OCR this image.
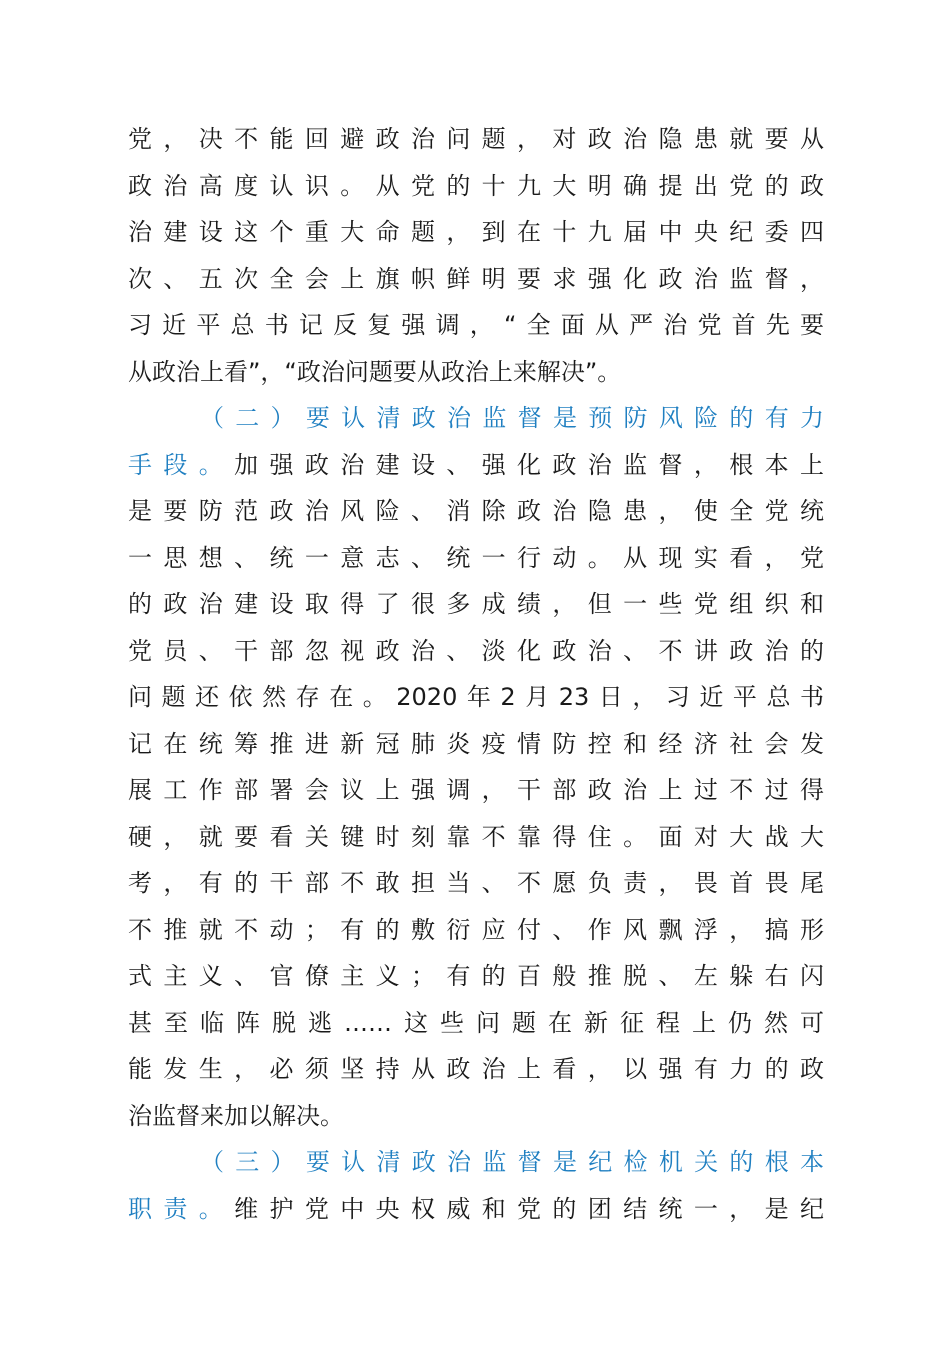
党，决不能回避政治问题，对政治隐患就要从
政治高度认识。从党的十九大明确提出党的政
治建设这个重大命题，到在十九届中央纪委四
次、五次全会上旗帜鲜明要求强化政治监督，
习近平总书记反复强调，“全面从严治党首先要
从政治上看”，“政治问题要从政治上来解决”。
（二）要认清政治监督是预防风险的有力
手段。加强政治建设、强化政治监督，根本上
是要防范政治风险、消除政治隐患，使全党统
一思想、统一意志、统一行动。从现实看，党
的政治建设取得了很多成绩，但一些党组织和
党员、干部忽视政治、淡化政治、不讲政治的
问题还依然存在。2020年2月23日，习近平总书
记在统筹推进新冠肺炎疫情防控和经济社会发
展工作部署会议上强调，干部政治上过不过得
硬，就要看关键时刻靠不靠得住。面对大战大
考，有的干部不敢担当、不愿负责，畏首畏尾
不推就不动；有的敷衍应付、作风飘浮，搞形
式主义、官僚主义；有的百般推脱、左躲右闪
甚至临阵脱逃……这些问题在新征程上仍然可
能发生，必须坚持从政治上看，以强有力的政
治监督来加以解决。
（三）要认清政治监督是纪检机关的根本
职责。维护党中央权威和党的团结统一，是纪
